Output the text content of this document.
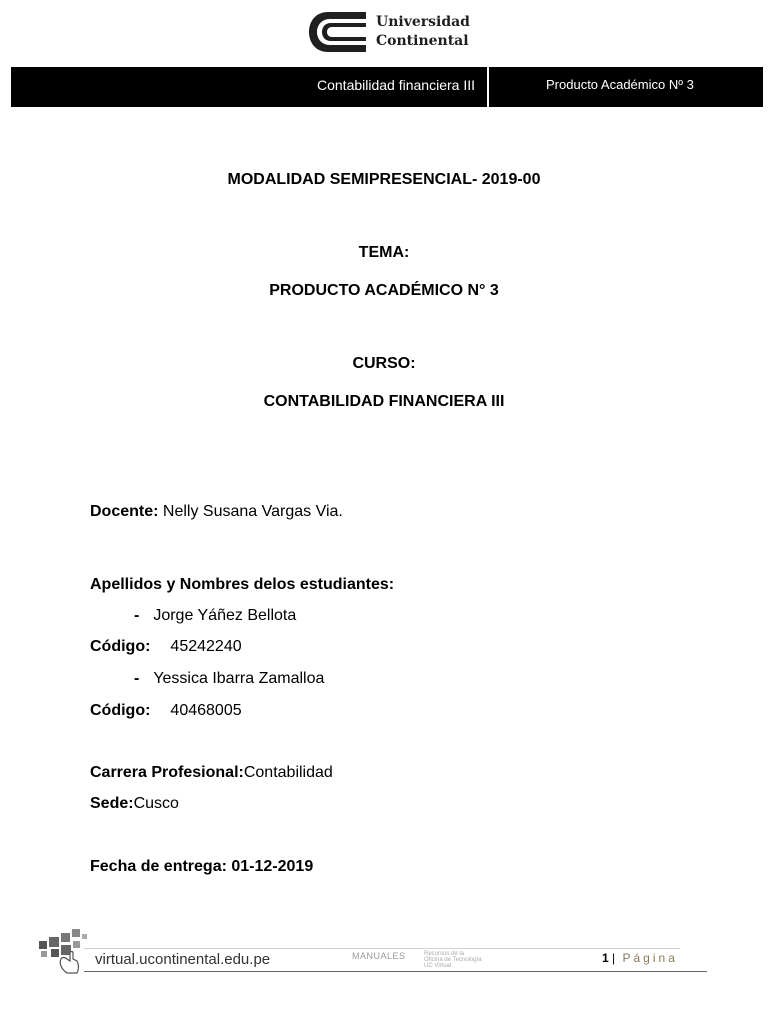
Universidad
Continental
Contabilidad financiera III	Producto Académico Nº 3
MODALIDAD SEMIPRESENCIAL- 2019-00
TEMA:
PRODUCTO ACADÉMICO N° 3
CURSO:
CONTABILIDAD FINANCIERA III
Docente: Nelly Susana Vargas Via.
Apellidos y Nombres delos estudiantes:
- Jorge Yáñez Bellota
Código: 45242240
- Yessica Ibarra Zamalloa
Código: 40468005
Carrera Profesional:Contabilidad
Sede:Cusco
Fecha de entrega: 01-12-2019
virtual.ucontinental.edu.pe	MANUALES	Recursos de la Oficina de Tecnología UC Virtual
1 | Página
